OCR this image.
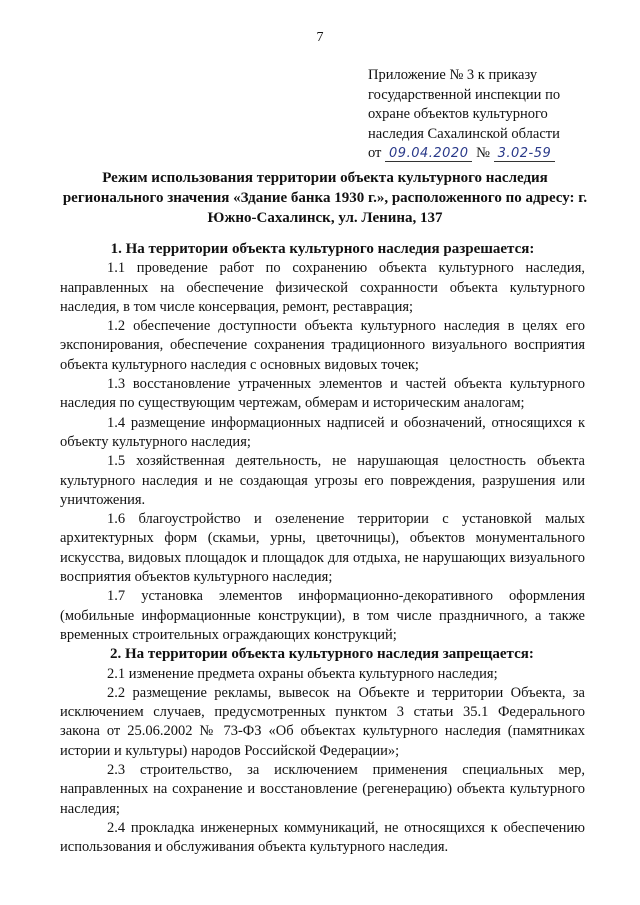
7
Приложение № 3 к приказу
государственной инспекции по
охране объектов культурного
наследия Сахалинской области
от 09.04.2020 № 3.02-59
Режим использования территории объекта культурного наследия регионального значения «Здание банка 1930 г.», расположенного по адресу: г. Южно-Сахалинск, ул. Ленина, 137
1. На территории объекта культурного наследия разрешается:

1.1 проведение работ по сохранению объекта культурного наследия, направленных на обеспечение физической сохранности объекта культурного наследия, в том числе консервация, ремонт, реставрация;

1.2 обеспечение доступности объекта культурного наследия в целях его экспонирования, обеспечение сохранения традиционного визуального восприятия объекта культурного наследия с основных видовых точек;

1.3 восстановление утраченных элементов и частей объекта культурного наследия по существующим чертежам, обмерам и историческим аналогам;

1.4 размещение информационных надписей и обозначений, относящихся к объекту культурного наследия;

1.5 хозяйственная деятельность, не нарушающая целостность объекта культурного наследия и не создающая угрозы его повреждения, разрушения или уничтожения.

1.6 благоустройство и озеленение территории с установкой малых архитектурных форм (скамьи, урны, цветочницы), объектов монументального искусства, видовых площадок и площадок для отдыха, не нарушающих визуального восприятия объектов культурного наследия;

1.7 установка элементов информационно-декоративного оформления (мобильные информационные конструкции), в том числе праздничного, а также временных строительных ограждающих конструкций;

2. На территории объекта культурного наследия запрещается:

2.1 изменение предмета охраны объекта культурного наследия;

2.2 размещение рекламы, вывесок на Объекте и территории Объекта, за исключением случаев, предусмотренных пунктом 3 статьи 35.1 Федерального закона от 25.06.2002 № 73-ФЗ «Об объектах культурного наследия (памятниках истории и культуры) народов Российской Федерации»;

2.3 строительство, за исключением применения специальных мер, направленных на сохранение и восстановление (регенерацию) объекта культурного наследия;

2.4 прокладка инженерных коммуникаций, не относящихся к обеспечению использования и обслуживания объекта культурного наследия.
